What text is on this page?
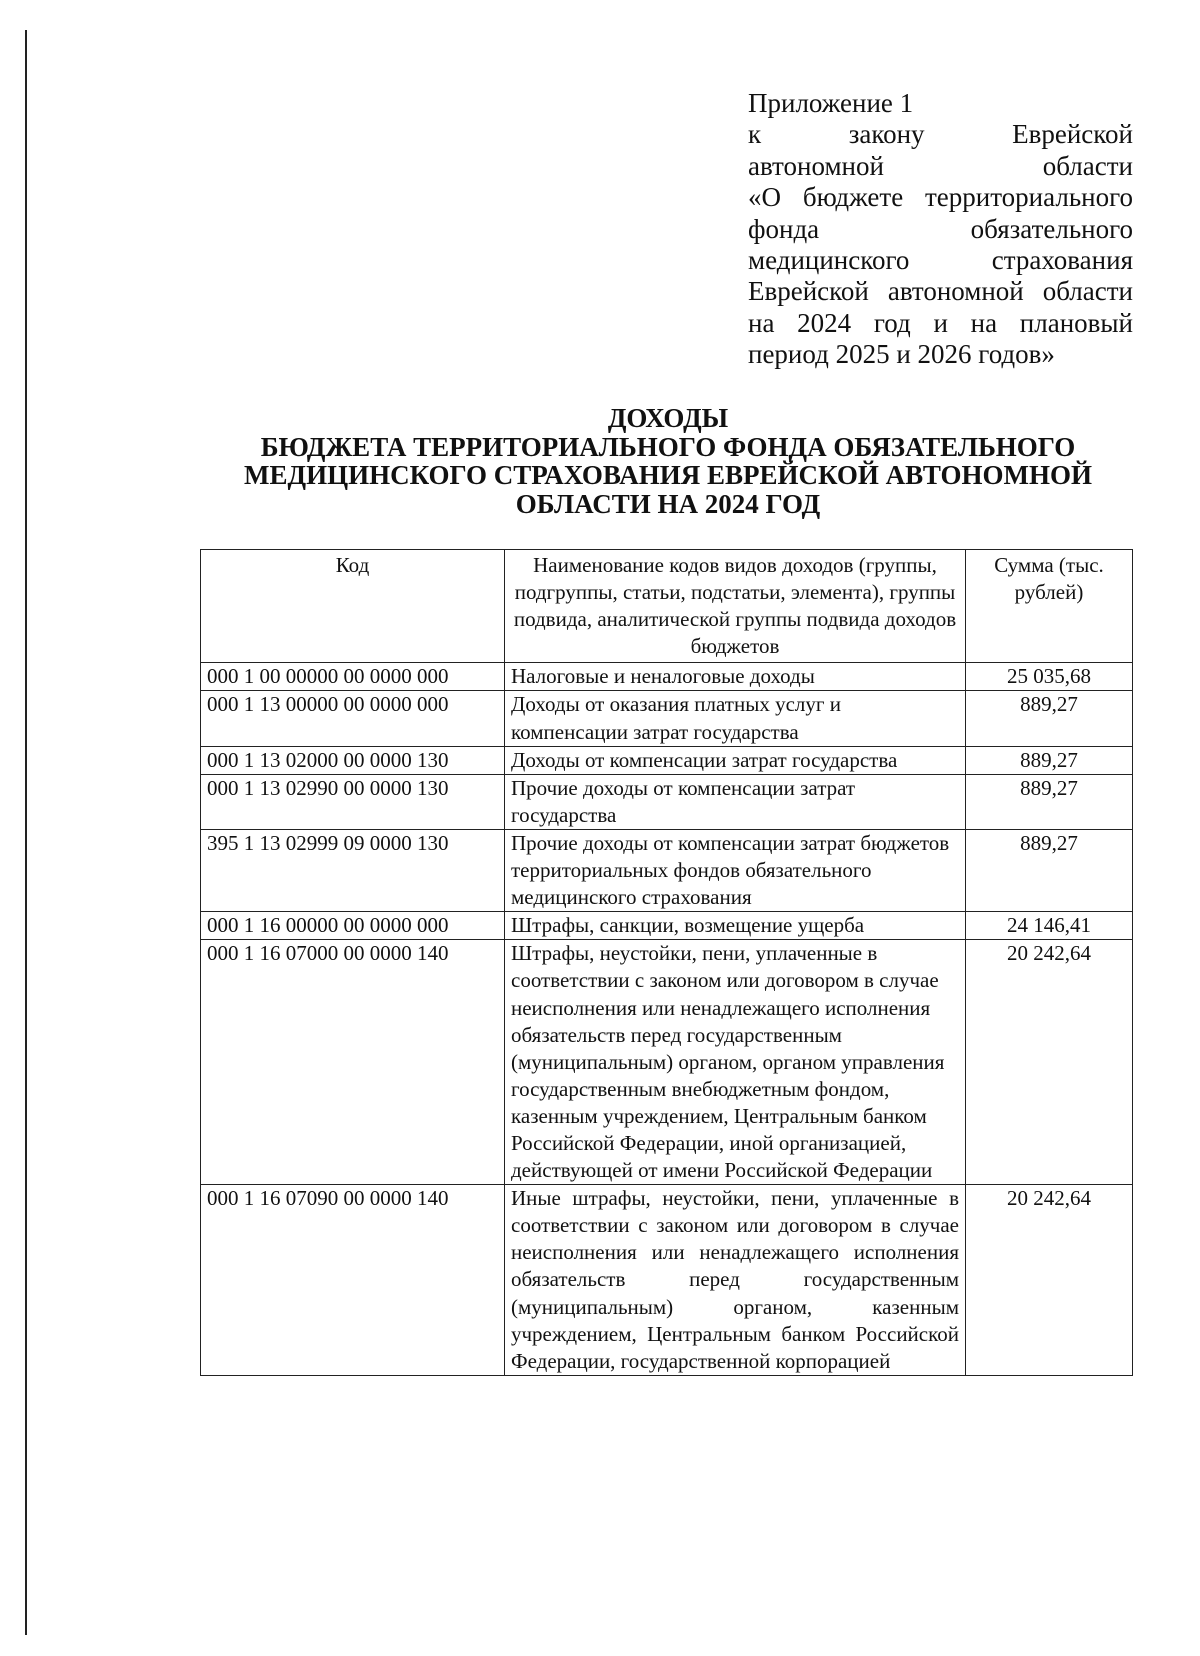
Приложение 1
к закону Еврейской
автономной области
«О бюджете территориального
фонда обязательного
медицинского страхования
Еврейской автономной области
на 2024 год и на плановый
период 2025 и 2026 годов»
ДОХОДЫ
БЮДЖЕТА ТЕРРИТОРИАЛЬНОГО ФОНДА ОБЯЗАТЕЛЬНОГО
МЕДИЦИНСКОГО СТРАХОВАНИЯ ЕВРЕЙСКОЙ АВТОНОМНОЙ
ОБЛАСТИ НА 2024 ГОД
Код	Наименование кодов видов доходов (группы, подгруппы, статьи, подстатьи, элемента), группы подвида, аналитической группы подвида доходов бюджетов	Сумма (тыс. рублей)
000 1 00 00000 00 0000 000	Налоговые и неналоговые доходы	25 035,68
000 1 13 00000 00 0000 000	Доходы от оказания платных услуг и компенсации затрат государства	889,27
000 1 13 02000 00 0000 130	Доходы от компенсации затрат государства	889,27
000 1 13 02990 00 0000 130	Прочие доходы от компенсации затрат государства	889,27
395 1 13 02999 09 0000 130	Прочие доходы от компенсации затрат бюджетов территориальных фондов обязательного медицинского страхования	889,27
000 1 16 00000 00 0000 000	Штрафы, санкции, возмещение ущерба	24 146,41
000 1 16 07000 00 0000 140	Штрафы, неустойки, пени, уплаченные в соответствии с законом или договором в случае неисполнения или ненадлежащего исполнения обязательств перед государственным (муниципальным) органом, органом управления государственным внебюджетным фондом, казенным учреждением, Центральным банком Российской Федерации, иной организацией, действующей от имени Российской Федерации	20 242,64
000 1 16 07090 00 0000 140	Иные штрафы, неустойки, пени, уплаченные в соответствии с законом или договором в случае неисполнения или ненадлежащего исполнения обязательств перед государственным (муниципальным) органом, казенным учреждением, Центральным банком Российской Федерации, государственной корпорацией	20 242,64
